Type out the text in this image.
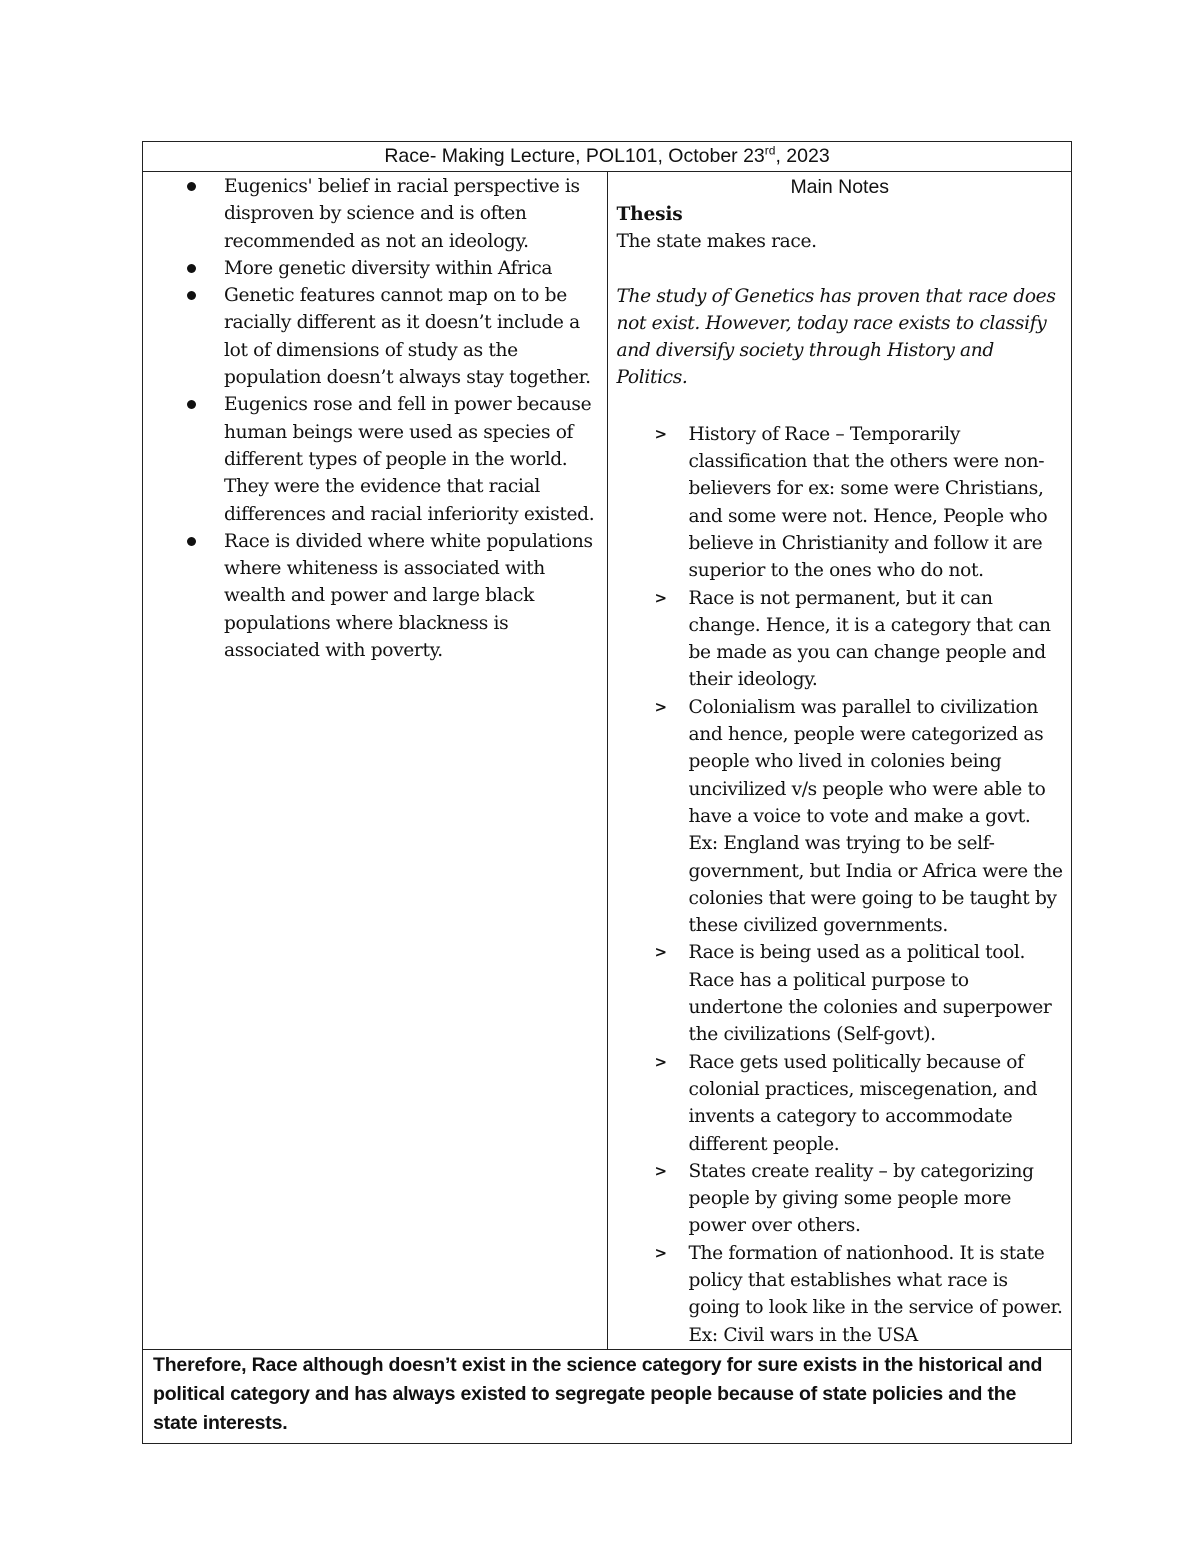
Race- Making Lecture, POL101, October 23rd, 2023

Eugenics' belief in racial perspective is disproven by science and is often recommended as not an ideology.
More genetic diversity within Africa
Genetic features cannot map on to be racially different as it doesn’t include a lot of dimensions of study as the population doesn’t always stay together.
Eugenics rose and fell in power because human beings were used as species of different types of people in the world. They were the evidence that racial differences and racial inferiority existed.
Race is divided where white populations where whiteness is associated with wealth and power and large black populations where blackness is associated with poverty.

Main Notes
Thesis

The state makes race.

The study of Genetics has proven that race does not exist. However, today race exists to classify and diversify society through History and Politics.

> History of Race – Temporarily classification that the others were non-believers for ex: some were Christians, and some were not. Hence, People who believe in Christianity and follow it are superior to the ones who do not.
> Race is not permanent, but it can change. Hence, it is a category that can be made as you can change people and their ideology.
> Colonialism was parallel to civilization and hence, people were categorized as people who lived in colonies being uncivilized v/s people who were able to have a voice to vote and make a govt. Ex: England was trying to be self-government, but India or Africa were the colonies that were going to be taught by these civilized governments.
> Race is being used as a political tool. Race has a political purpose to undertone the colonies and superpower the civilizations (Self-govt).
> Race gets used politically because of colonial practices, miscegenation, and invents a category to accommodate different people.
> States create reality – by categorizing people by giving some people more power over others.
> The formation of nationhood. It is state policy that establishes what race is going to look like in the service of power. Ex: Civil wars in the USA

Therefore, Race although doesn’t exist in the science category for sure exists in the historical and political category and has always existed to segregate people because of state policies and the state interests.
